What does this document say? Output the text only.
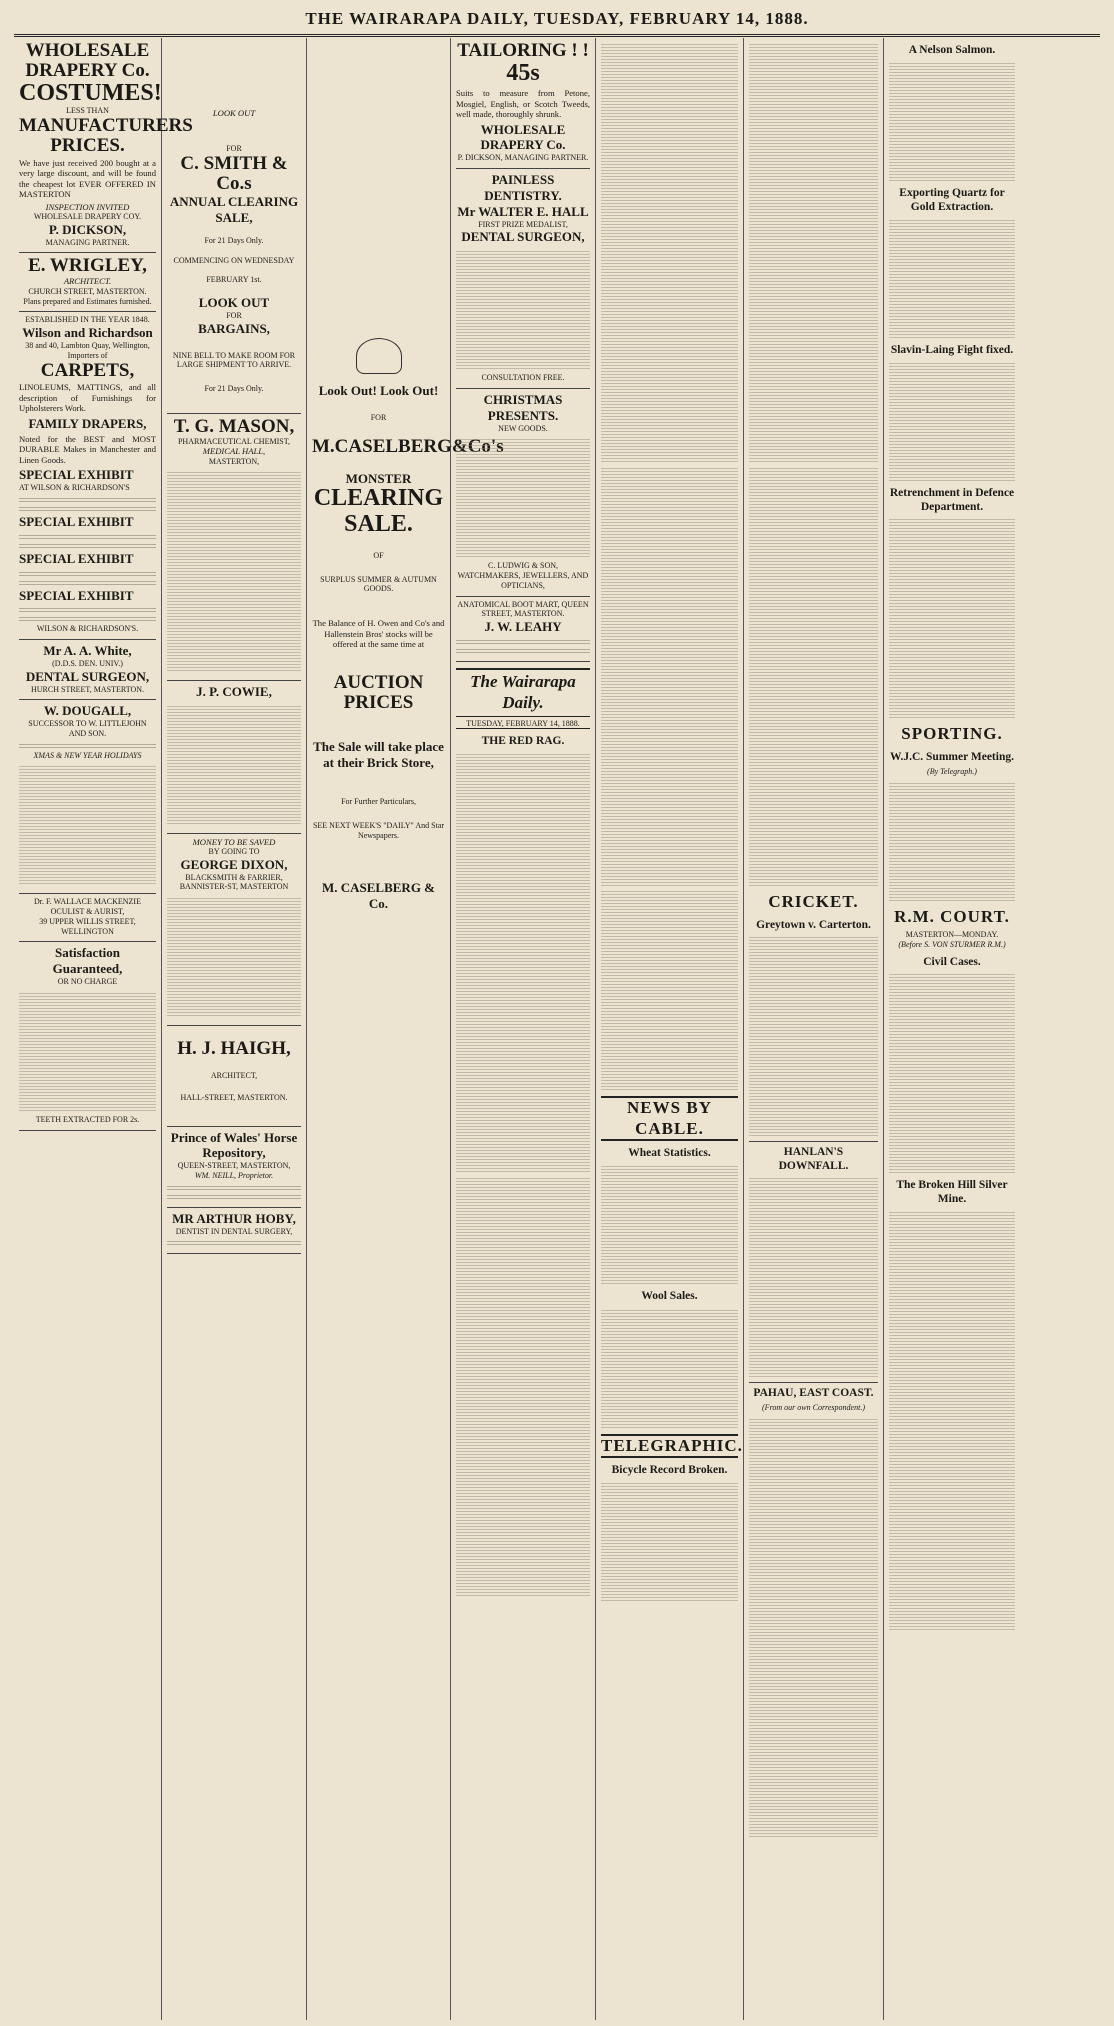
THE WAIRARAPA DAILY, TUESDAY, FEBRUARY 14, 1888.
WHOLESALE DRAPERY Co.
COSTUMES!
LESS THAN
MANUFACTURERS PRICES.

We have just received 200 bought at a very large discount, and will be found the cheapest lot EVER OFFERED IN MASTERTON

INSPECTION INVITED
WHOLESALE DRAPERY COY.
P. DICKSON,
MANAGING PARTNER.
E. WRIGLEY,
ARCHITECT.
CHURCH STREET, MASTERTON.
Plans prepared and Estimates furnished.
ESTABLISHED IN THE YEAR 1848.
Wilson and Richardson
38 and 40, Lambton Quay, Wellington, Importers of
CARPETS,

LINOLEUMS, MATTINGS, and all description of Furnishings for Upholsterers Work.

FAMILY DRAPERS,

Noted for the BEST and MOST DURABLE Makes in Manchester and Linen Goods.

SPECIAL EXHIBIT
AT WILSON & RICHARDSON'S
SPECIAL EXHIBIT
SPECIAL EXHIBIT
SPECIAL EXHIBIT
WILSON & RICHARDSON'S.
Mr A. A. White,
(D.D.S. DEN. UNIV.)
DENTAL SURGEON,
HURCH STREET, MASTERTON.
W. DOUGALL,
SUCCESSOR TO W. LITTLEJOHN AND SON.
XMAS & NEW YEAR HOLIDAYS
Dr. F. WALLACE MACKENZIE
OCULIST & AURIST,
39 UPPER WILLIS STREET, WELLINGTON
Satisfaction Guaranteed,
OR NO CHARGE
TEETH EXTRACTED FOR 2s.
LOOK OUT
FOR
C. SMITH & Co.s
ANNUAL CLEARING
SALE,
For 21 Days Only.
COMMENCING ON WEDNESDAY
FEBRUARY 1st.
LOOK OUT
FOR
BARGAINS,
NINE BELL TO MAKE ROOM FOR
LARGE SHIPMENT TO ARRIVE.
For 21 Days Only.
T. G. MASON,
PHARMACEUTICAL CHEMIST,
MEDICAL HALL,
MASTERTON,
J. P. COWIE,
MONEY TO BE SAVED
BY GOING TO
GEORGE DIXON,
BLACKSMITH & FARRIER,
BANNISTER-ST, MASTERTON
H. J. HAIGH,
ARCHITECT,
HALL-STREET, MASTERTON.
Prince of Wales' Horse Repository,
QUEEN-STREET, MASTERTON,
WM. NEILL, Proprietor.
MR ARTHUR HOBY,
DENTIST IN DENTAL SURGERY,
Look Out! Look Out!
FOR
M.CASELBERG&Co's
MONSTER
CLEARING
SALE.
OF
SURPLUS SUMMER & AUTUMN GOODS.

The Balance of H. Owen and Co's and Hallenstein Bros' stocks will be offered at the same time at

AUCTION PRICES
The Sale will take place at their Brick Store,
For Further Particulars,
SEE NEXT WEEK'S "DAILY" And Star Newspapers.
M. CASELBERG & Co.
TAILORING ! !
45s

Suits to measure from Petone, Mosgiel, English, or Scotch Tweeds, well made, thoroughly shrunk.

WHOLESALE DRAPERY Co.
P. DICKSON, MANAGING PARTNER.
PAINLESS DENTISTRY.
Mr WALTER E. HALL
FIRST PRIZE MEDALIST,
DENTAL SURGEON,
CONSULTATION FREE.
CHRISTMAS PRESENTS.
NEW GOODS.
C. LUDWIG & SON,
WATCHMAKERS, JEWELLERS, AND OPTICIANS,
ANATOMICAL BOOT MART, QUEEN STREET, MASTERTON.
J. W. LEAHY
The Wairarapa Daily.
TUESDAY, FEBRUARY 14, 1888.
THE RED RAG.
NEWS BY CABLE.
Wheat Statistics.
Wool Sales.
TELEGRAPHIC.
Bicycle Record Broken.
CRICKET.
Greytown v. Carterton.
HANLAN'S DOWNFALL.
PAHAU, EAST COAST.
(From our own Correspondent.)
A Nelson Salmon.
Exporting Quartz for Gold Extraction.
Slavin-Laing Fight fixed.
Retrenchment in Defence Department.
SPORTING.
W.J.C. Summer Meeting.
(By Telegraph.)
R.M. COURT.
MASTERTON—MONDAY.
(Before S. VON STURMER R.M.)
Civil Cases.
The Broken Hill Silver Mine.
